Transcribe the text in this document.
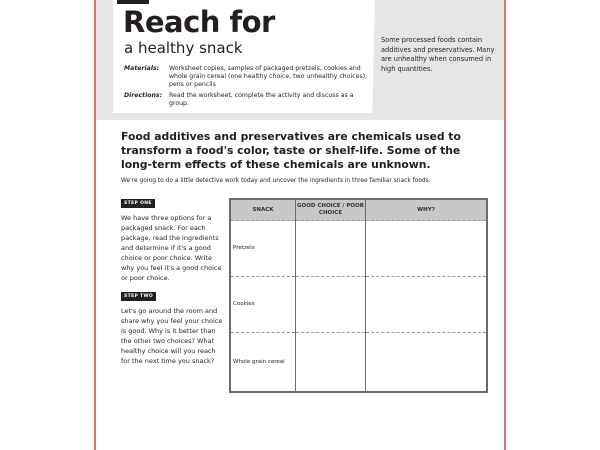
Reach for
a healthy snack
Materials:	Worksheet copies, samples of packaged pretzels, cookies and whole grain cereal (one healthy choice, two unhealthy choices), pens or pencils
Directions:	Read the worksheet, complete the activity and discuss as a group.
Some processed foods contain additives and preservatives. Many are unhealthy when consumed in high quantities.
Food additives and preservatives are chemicals used to transform a food's color, taste or shelf-life. Some of the long-term effects of these chemicals are unknown.
We're going to do a little detective work today and uncover the ingredients in three familiar snack foods.
STEP ONE
We have three options for a packaged snack. For each package, read the ingredients and determine if it's a good choice or poor choice. Write why you feel it's a good choice or poor choice.
STEP TWO
Let's go around the room and share why you feel your choice is good. Why is it better than the other two choices? What healthy choice will you reach for the next time you snack?
SNACK	GOOD CHOICE / POOR CHOICE	WHY?
Pretzels		
Cookies		
Whole grain cereal		
